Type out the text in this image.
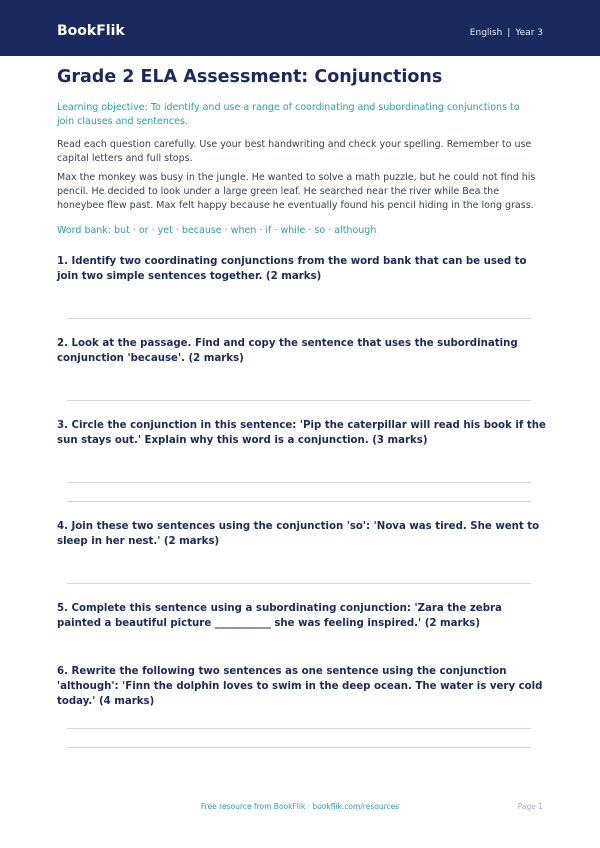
BookFlik	English | Year 3
Grade 2 ELA Assessment: Conjunctions
Learning objective: To identify and use a range of coordinating and subordinating conjunctions to join clauses and sentences.
Read each question carefully. Use your best handwriting and check your spelling. Remember to use capital letters and full stops.
Max the monkey was busy in the jungle. He wanted to solve a math puzzle, but he could not find his pencil. He decided to look under a large green leaf. He searched near the river while Bea the honeybee flew past. Max felt happy because he eventually found his pencil hiding in the long grass.
Word bank: but · or · yet · because · when · if · while · so · although
1. Identify two coordinating conjunctions from the word bank that can be used to join two simple sentences together. (2 marks)
2. Look at the passage. Find and copy the sentence that uses the subordinating conjunction 'because'. (2 marks)
3. Circle the conjunction in this sentence: 'Pip the caterpillar will read his book if the sun stays out.' Explain why this word is a conjunction. (3 marks)
4. Join these two sentences using the conjunction 'so': 'Nova was tired. She went to sleep in her nest.' (2 marks)
5. Complete this sentence using a subordinating conjunction: 'Zara the zebra painted a beautiful picture ___________ she was feeling inspired.' (2 marks)
6. Rewrite the following two sentences as one sentence using the conjunction 'although': 'Finn the dolphin loves to swim in the deep ocean. The water is very cold today.' (4 marks)
Free resource from BookFlik · bookflik.com/resources	Page 1
